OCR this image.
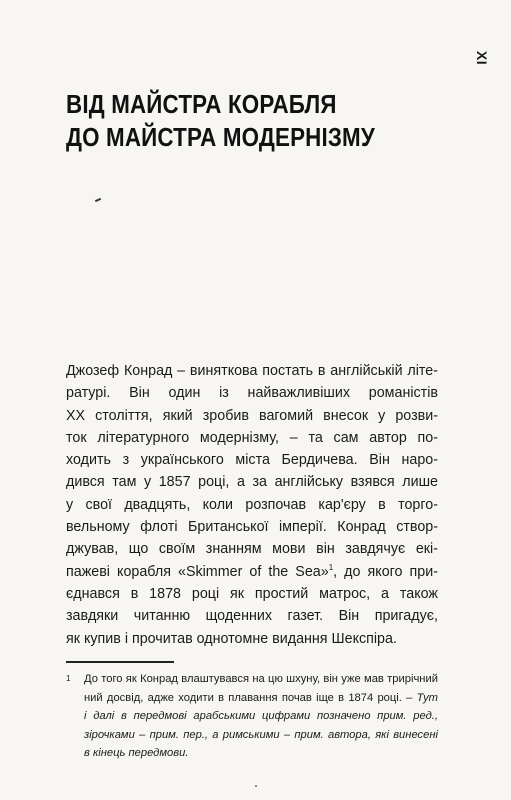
XI
ВІД МАЙСТРА КОРАБЛЯ
ДО МАЙСТРА МОДЕРНІЗМУ
Джозеф Конрад – виняткова постать в англійській літе-
ратурі. Він один із найважливіших романістів
XX століття, який зробив вагомий внесок у розви-
ток літературного модернізму, – та сам автор по-
ходить з українського міста Бердичева. Він наро-
дився там у 1857 році, а за англійську взявся лише
у свої двадцять, коли розпочав кар'єру в торго-
вельному флоті Британської імперії. Конрад створ-
джував, що своїм знанням мови він завдячує екі-
пажеві корабля «Skimmer of the Sea»$^1$, до якого при-
єднався в 1878 році як простий матрос, а також
завдяки читанню щоденних газет. Він пригадує,
як купив і прочитав однотомне видання Шекспіра.
1	До того як Конрад влаштувався на цю шхуну, він уже мав трирічний
ний досвід, адже ходити в плавання почав іще в 1874 році. – Тут
і далі в передмові арабськими цифрами позначено прим. ред.,
зірочками – прим. пер., а римськими – прим. автора, які винесені
в кінець передмови.
